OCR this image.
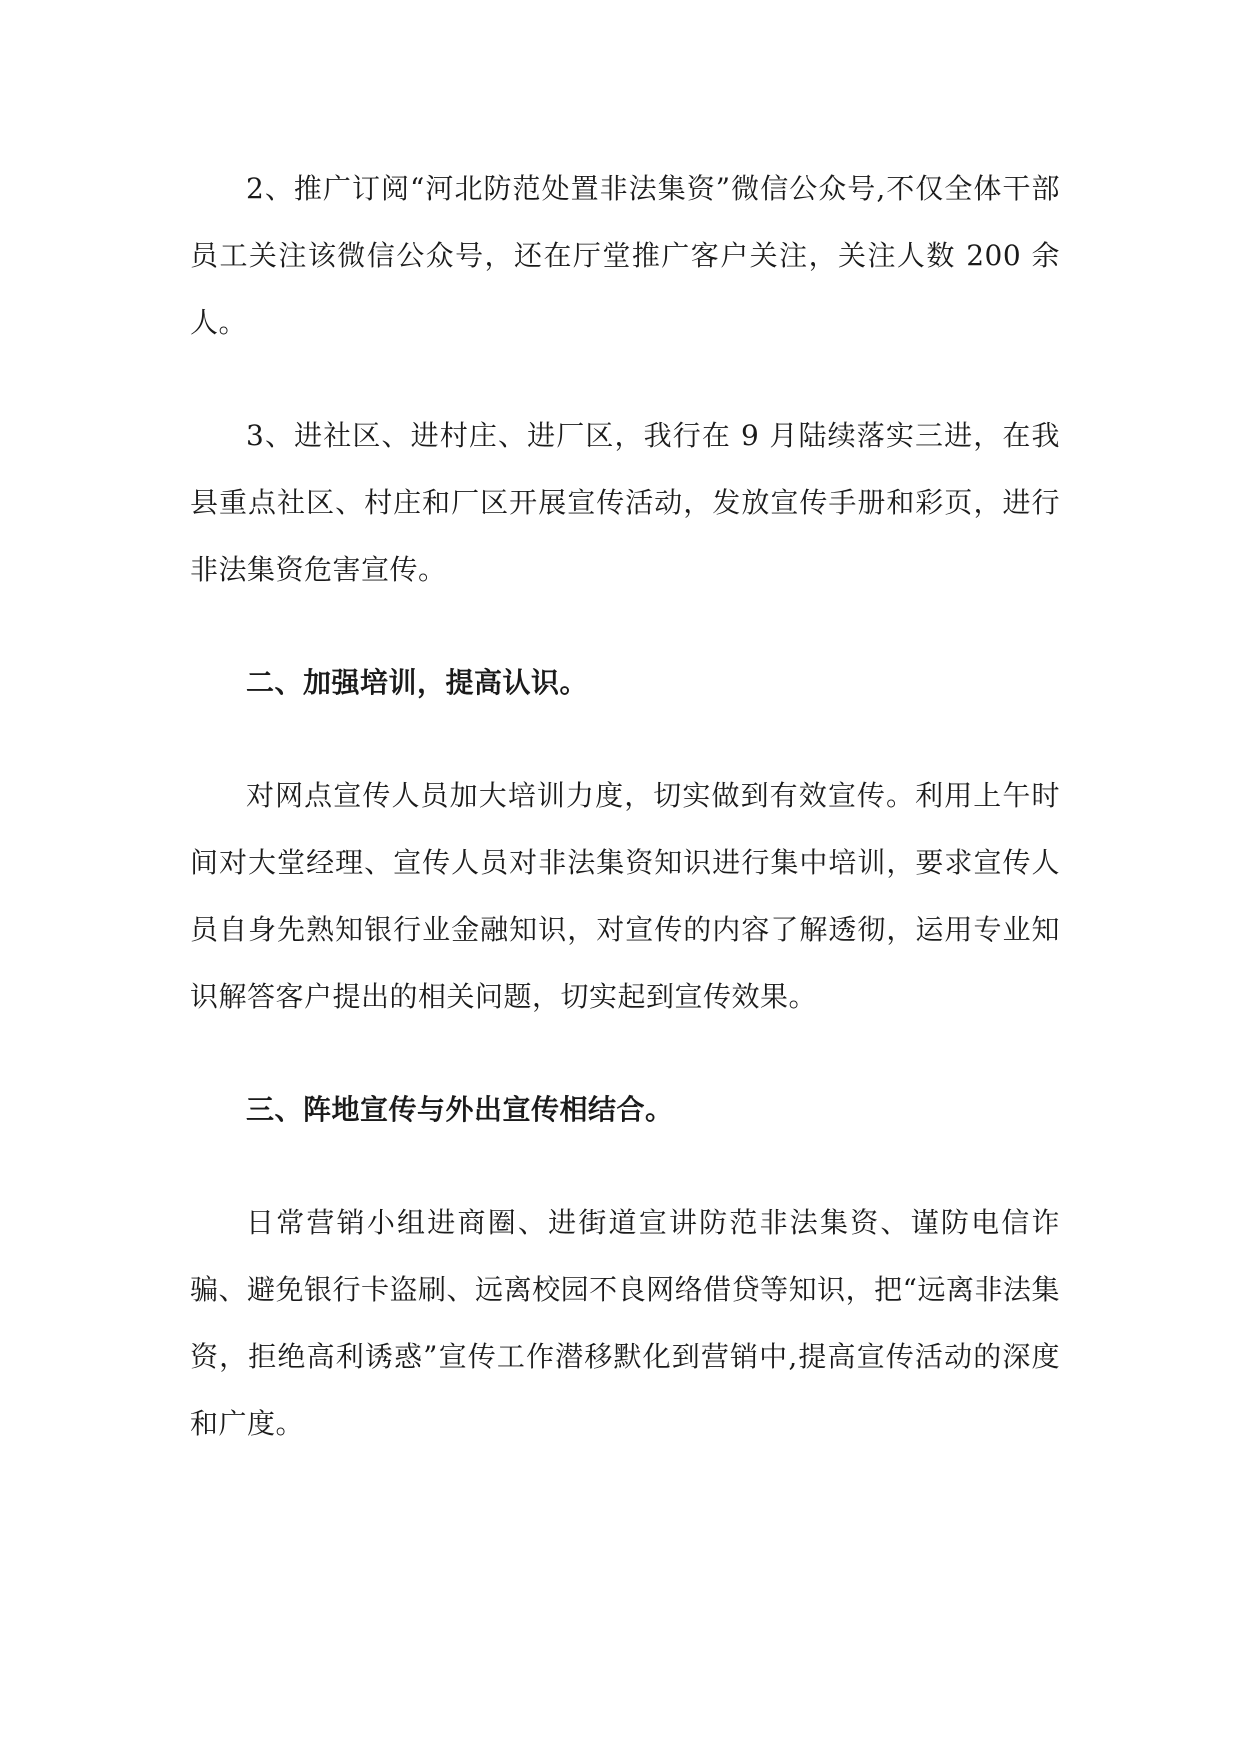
2、推广订阅“河北防范处置非法集资”微信公众号,不仅全体干部员工关注该微信公众号，还在厅堂推广客户关注，关注人数 200 余人。

3、进社区、进村庄、进厂区，我行在 9 月陆续落实三进，在我县重点社区、村庄和厂区开展宣传活动，发放宣传手册和彩页，进行非法集资危害宣传。

二、加强培训，提高认识。

对网点宣传人员加大培训力度，切实做到有效宣传。利用上午时间对大堂经理、宣传人员对非法集资知识进行集中培训，要求宣传人员自身先熟知银行业金融知识，对宣传的内容了解透彻，运用专业知识解答客户提出的相关问题，切实起到宣传效果。

三、阵地宣传与外出宣传相结合。

日常营销小组进商圈、进街道宣讲防范非法集资、谨防电信诈骗、避免银行卡盗刷、远离校园不良网络借贷等知识，把“远离非法集资，拒绝高利诱惑”宣传工作潜移默化到营销中,提高宣传活动的深度和广度。
